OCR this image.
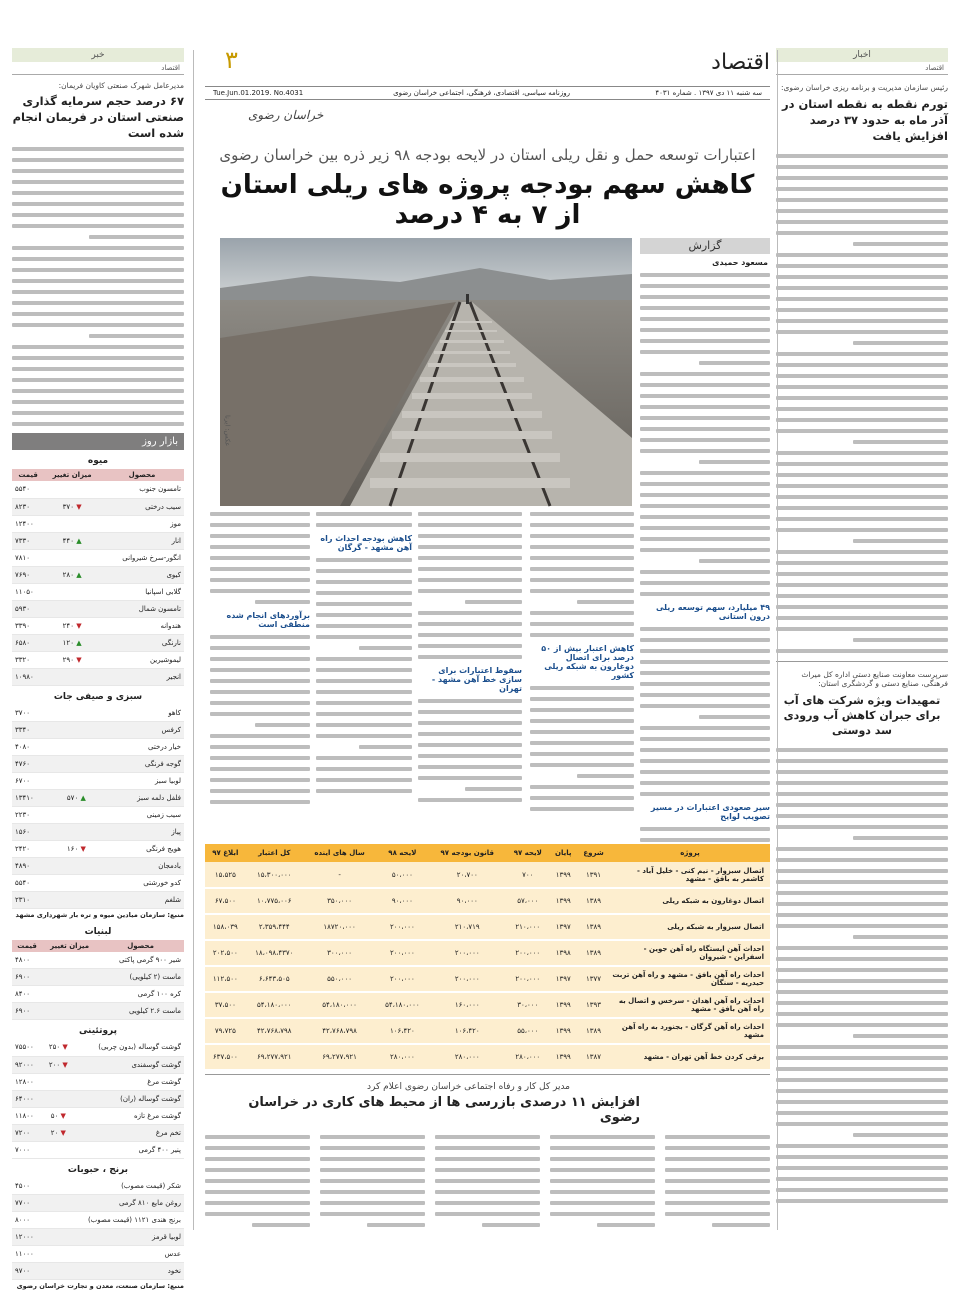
اقتصاد
۳
سه شنبه ۱۱ دی ۱۳۹۷ . شماره ۴۰۳۱
روزنامه سیاسی، اقتصادی، فرهنگی، اجتماعی خراسان رضوی
Tue.Jun.01.2019. No.4031
خراسان رضوی
اخبار
اقتصاد
رئیس سازمان مدیریت و برنامه ریزی خراسان رضوی:
تورم نقطه به نقطه استان در آذر ماه به حدود ۳۷ درصد افزایش یافت
سرپرست معاونت صنایع دستی اداره کل میراث فرهنگی، صنایع دستی و گردشگری استان:
تمهیدات ویژه شرکت های آب برای جبران کاهش آب ورودی سد دوستی
خبر
اقتصاد
مدیرعامل شهرک صنعتی کاویان فریمان:
۶۷ درصد حجم سرمایه گذاری صنعتی استان در فریمان انجام شده است
بازار روز
میوه
محصول	میزان تغییر	قیمت
تامسون جنوب		۵۵۴۰
سیب درختی	▼ ۳۷۰	۸۲۳۰
موز		۱۲۴۰۰
انار	▲ ۴۴۰	۷۳۳۰
انگور-سرخ شیروانی		۷۸۱۰
کیوی	▲ ۲۸۰	۷۶۹۰
گلابی اسپانیا		۱۱۰۵۰
تامسون شمال		۵۹۳۰
هندوانه	▼ ۲۴۰	۳۳۹۰
نارنگی	▲ ۱۲۰	۶۵۸۰
لیموشیرین	▼ ۲۹۰	۳۳۲۰
انجیر		۱۰۹۸۰
سبزی و صیفی جات
کاهو		۳۷۰۰
کرفس		۳۳۴۰
خیار درختی		۴۰۸۰
گوجه فرنگی		۴۷۶۰
لوبیا سبز		۶۷۰۰
فلفل دلمه سبز	▲ ۵۷۰	۱۳۴۱۰
سیب زمینی		۲۲۳۰
پیاز		۱۵۶۰
هویج فرنگی	▼ ۱۶۰	۲۴۲۰
بادمجان		۴۸۹۰
کدو خورشتی		۵۵۴۰
شلغم		۲۳۱۰
منبع: سازمان میادین میوه و تره بار شهرداری مشهد
لبنیات
محصول	میزان تغییر	قیمت
شیر ۹۰۰ گرمی پاکتی		۴۸۰۰
ماست (۲ کیلویی)		۶۹۰۰
کره ۱۰۰ گرمی		۸۴۰۰
ماست ۲.۶ کیلویی		۶۹۰۰
پروتئینی
گوشت گوساله (بدون چربی)	▼ ۲۵۰	۷۵۵۰۰
گوشت گوسفندی	▼ ۲۰۰	۹۲۰۰۰
گوشت مرغ		۱۲۸۰۰
گوشت گوساله (ران)		۶۴۰۰۰
گوشت مرغ تازه	▼ ۵۰	۱۱۸۰۰
تخم مرغ	▼ ۲۰	۷۲۰۰
پنیر ۴۰۰ گرمی		۷۰۰۰
برنج ، حبوبات
شکر (قیمت مصوب)		۴۵۰۰
روغن مایع ۸۱۰ گرمی		۷۷۰۰
برنج هندی ۱۱۲۱ (قیمت مصوب)		۸۰۰۰
لوبیا قرمز		۱۲۰۰۰
عدس		۱۱۰۰۰
نخود		۹۷۰۰
منبع: سازمان صنعت، معدن و تجارت خراسان رضوی
اعتبارات توسعه حمل و نقل ریلی استان در لایحه بودجه ۹۸ زیر ذره بین خراسان رضوی
کاهش سهم بودجه پروژه های ریلی استان از ۷ به ۴ درصد
گزارش
مسعود حمیدی
۴۹ میلیارد، سهم توسعه ریلی درون استانی
سیر صعودی اعتبارات در مسیر تصویب لوایح
عکس: ایرنا
کاهش اعتبار بیش از ۵۰ درصد برای اتصال دوغارون به شبکه ریلی کشور
سقوط اعتبارات برای سازی خط آهن مشهد - تهران
کاهش بودجه احداث راه آهن مشهد - گرگان
برآوردهای انجام شده منطقی است
پروژه	شروع	پایان	لایحه ۹۷	قانون بودجه ۹۷	لایحه ۹۸	سال های اینده	کل اعتبار	ابلاغ ۹۷
اتصال سبزوار - نیم کنی - خلیل آباد - کاشمر به بافق - مشهد	۱۳۹۱	۱۳۹۹	۷۰۰	۲۰،۷۰۰	۵۰،۰۰۰	-	۱۵،۳۰۰،۰۰۰	۱۵،۵۲۵
اتصال دوغارون به شبکه ریلی	۱۳۸۹	۱۳۹۹	۵۷،۰۰۰	۹۰،۰۰۰	۹۰،۰۰۰	۳۵۰،۰۰۰	۱۰،۷۷۵،۰۰۶	۶۷،۵۰۰
اتصال سبزوار به شبکه ریلی	۱۳۸۹	۱۳۹۷	۲۱۰،۰۰۰	۲۱۰،۷۱۹	۲۰۰،۰۰۰	۱۸۷۲۰،۰۰۰	۲،۳۵۹،۴۴۴	۱۵۸،۰۳۹
احداث آهن ایستگاه راه آهن جوین - اسفراین - شیروان	۱۳۸۹	۱۳۹۸	۲۰۰،۰۰۰	۲۰۰،۰۰۰	۲۰۰،۰۰۰	۳۰۰،۰۰۰	۱۸،۰۹۸،۴۳۷۰	۲۰۲،۵۰۰
احداث راه آهن بافق - مشهد و راه آهن تربت حیدریه - سنگان	۱۳۷۷	۱۳۹۷	۲۰۰،۰۰۰	۲۰۰،۰۰۰	۲۰۰،۰۰۰	۵۵۰،۰۰۰	۶،۶۴۳،۵۰۵	۱۱۲،۵۰۰
احداث راه آهن اهدان - سرخس و اتصال به راه آهن بافق - مشهد	۱۳۹۳	۱۳۹۹	۳۰،۰۰۰	۱۶۰،۰۰۰	۵۴،۱۸۰،۰۰۰	۵۴،۱۸۰،۰۰۰	۵۴،۱۸۰،۰۰۰	۳۷،۵۰۰
احداث راه آهن گرگان - بجنورد به راه آهن مشهد	۱۳۸۹	۱۳۹۹	۵۵،۰۰۰	۱۰۶،۴۲۰	۱۰۶،۴۲۰	۴۲،۷۶۸،۷۹۸	۴۲،۷۶۸،۷۹۸	۷۹،۷۲۵
برقی کردن خط آهن تهران - مشهد	۱۳۸۷	۱۳۹۹	۲۸۰،۰۰۰	۲۸۰،۰۰۰	۲۸۰،۰۰۰	۶۹،۲۷۷،۹۲۱	۶۹،۲۷۷،۹۲۱	۶۳۷،۵۰۰
مدیر کل کار و رفاه اجتماعی خراسان رضوی اعلام کرد
افزایش ۱۱ درصدی بازرسی ها از محیط های کاری در خراسان رضوی
